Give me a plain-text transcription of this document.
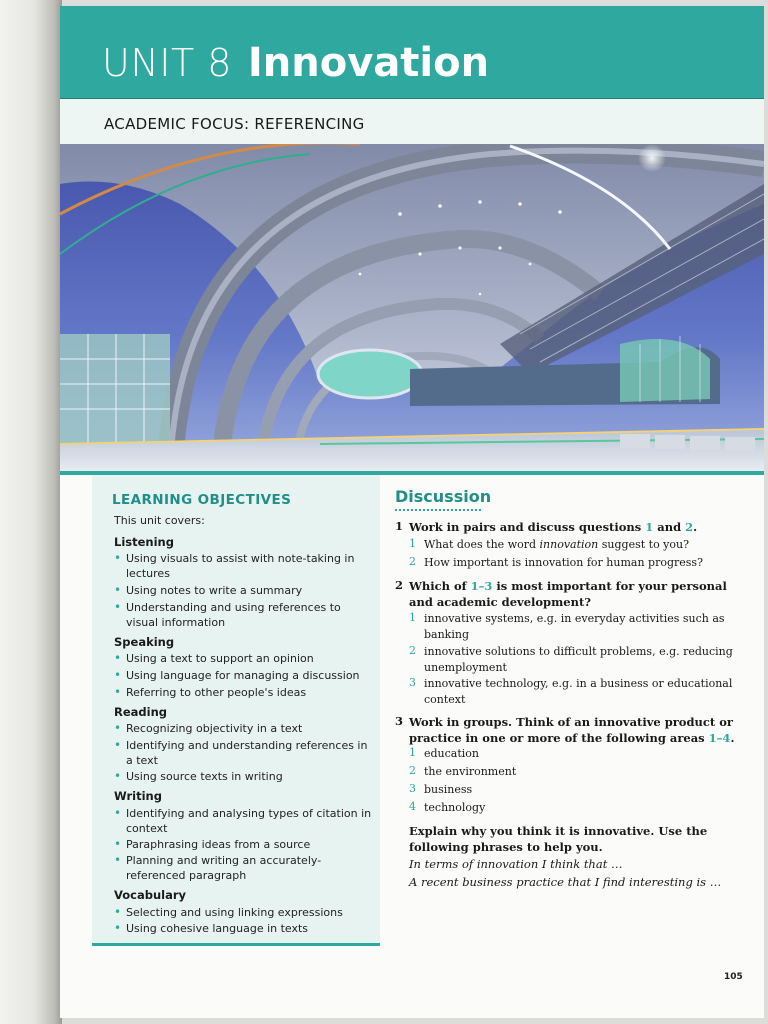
UNIT 8 Innovation
ACADEMIC FOCUS: REFERENCING
LEARNING OBJECTIVES
This unit covers:
Listening
• Using visuals to assist with note-taking in lectures
• Using notes to write a summary
• Understanding and using references to visual information
Speaking
• Using a text to support an opinion
• Using language for managing a discussion
• Referring to other people's ideas
Reading
• Recognizing objectivity in a text
• Identifying and understanding references in a text
• Using source texts in writing
Writing
• Identifying and analysing types of citation in context
• Paraphrasing ideas from a source
• Planning and writing an accurately-referenced paragraph
Vocabulary
• Selecting and using linking expressions
• Using cohesive language in texts
Discussion
1 Work in pairs and discuss questions 1 and 2.
1 What does the word innovation suggest to you?
2 How important is innovation for human progress?
2 Which of 1–3 is most important for your personal and academic development?
1 innovative systems, e.g. in everyday activities such as banking
2 innovative solutions to difficult problems, e.g. reducing unemployment
3 innovative technology, e.g. in a business or educational context
3 Work in groups. Think of an innovative product or practice in one or more of the following areas 1–4.
1 education
2 the environment
3 business
4 technology
Explain why you think it is innovative. Use the following phrases to help you.
In terms of innovation I think that …
A recent business practice that I find interesting is …
105
